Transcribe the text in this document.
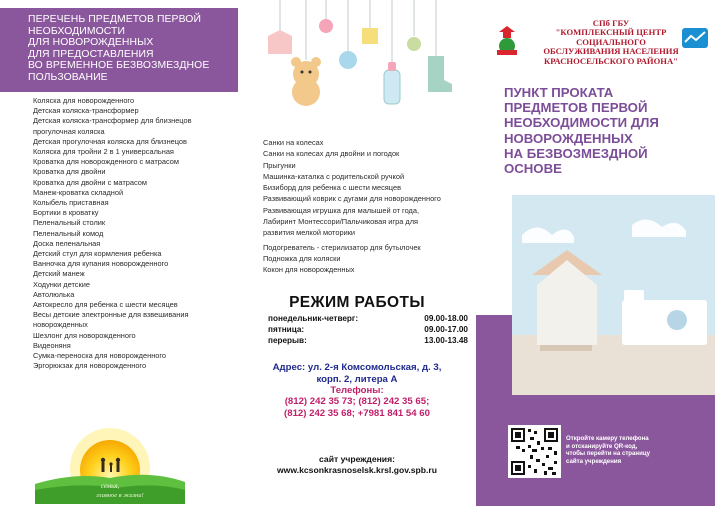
ПЕРЕЧЕНЬ ПРЕДМЕТОВ ПЕРВОЙ
НЕОБХОДИМОСТИ
ДЛЯ НОВОРОЖДЕННЫХ
ДЛЯ ПРЕДОСТАВЛЕНИЯ
ВО ВРЕМЕННОЕ БЕЗВОЗМЕЗДНОЕ
ПОЛЬЗОВАНИЕ
Коляска для новорожденного
Детская коляска-трансформер
Детская коляска-трансформер для близнецов
прогулочная коляска
Детская прогулочная коляска для близнецов
Коляска для тройни 2 в 1 универсальная
Кроватка для новорожденного с матрасом
Кроватка для двойни
Кроватка для двойни с матрасом
Манеж-кроватка складной
Колыбель приставная
Бортики в кроватку
Пеленальный столик
Пеленальный комод
Доска пеленальная
Детский стул для кормления ребенка
Ванночка для купания новорожденного
Детский манеж
Ходунки детские
Автолюлька
Автокресло для ребенка с шести месяцев
Весы детские электронные для взвешивания
новорожденных
Шезлонг для новорожденного
Видеоняня
Сумка-переноска для новорожденного
Эргорюкзак для новорожденного
семья,
главное в жизни!
Санки на колесах
Санки на колесах для двойни и погодок
Прыгунки
Машинка-каталка с родительской ручкой
Бизиборд для ребенка с шести месяцев
Развивающий коврик с дугами для новорожденного
Развивающая игрушка для малышей от года,
Лабиринт Монтессори/Пальчиковая игра для
развития мелкой моторики
Подогреватель - стерилизатор для бутылочек
Подножка для коляски
Кокон для новорожденных
РЕЖИМ РАБОТЫ
понедельник-четверг:	09.00-18.00
пятница:	09.00-17.00
перерыв:	13.00-13.48
Адрес: ул. 2-я Комсомольская, д. 3,
корп. 2, литера А
Телефоны:
(812) 242 35 73; (812) 242 35 65;
(812) 242 35 68; +7981 841 54 60
сайт учреждения:
www.kcsonkrasnoselsk.krsl.gov.spb.ru
СПб ГБУ
"КОМПЛЕКСНЫЙ ЦЕНТР
СОЦИАЛЬНОГО
ОБСЛУЖИВАНИЯ НАСЕЛЕНИЯ
КРАСНОСЕЛЬСКОГО РАЙОНА"
ПУНКТ ПРОКАТА
ПРЕДМЕТОВ ПЕРВОЙ
НЕОБХОДИМОСТИ ДЛЯ
НОВОРОЖДЕННЫХ
НА БЕЗВОЗМЕЗДНОЙ
ОСНОВЕ
Откройте камеру телефона
и отсканируйте QR-код,
чтобы перейти на страницу
сайта учреждения
